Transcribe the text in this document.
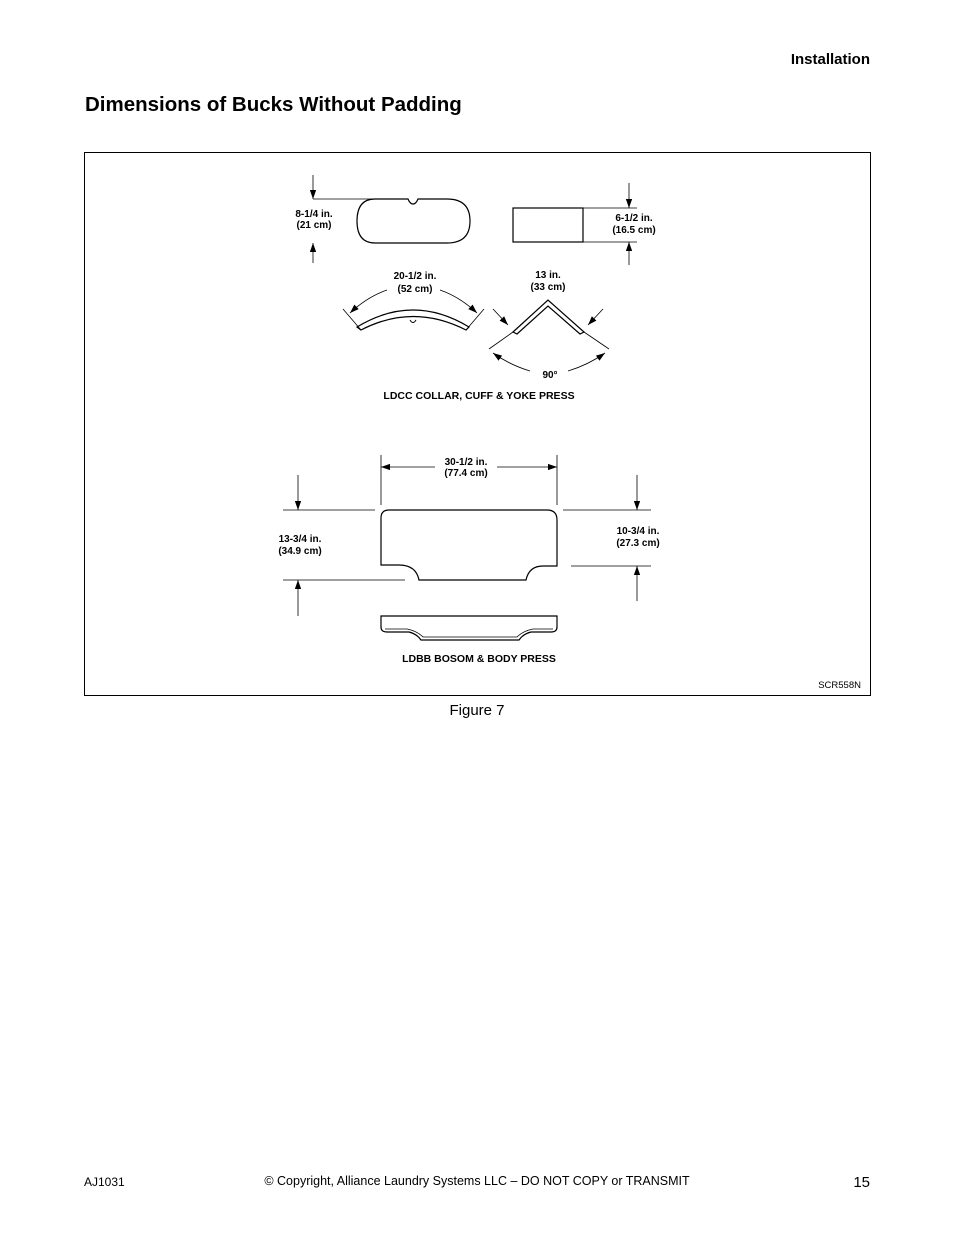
Installation
Dimensions of Bucks Without Padding
8-1/4 in.
(21 cm)
6-1/2 in.
(16.5 cm)
20-1/2 in.
(52 cm)
13 in.
(33 cm)
90°
LDCC COLLAR, CUFF & YOKE PRESS
30-1/2 in.
(77.4 cm)
13-3/4 in.
(34.9 cm)
10-3/4 in.
(27.3 cm)
LDBB BOSOM & BODY PRESS
SCR558N
Figure 7
AJ1031	© Copyright, Alliance Laundry Systems LLC – DO NOT COPY or TRANSMIT	15
